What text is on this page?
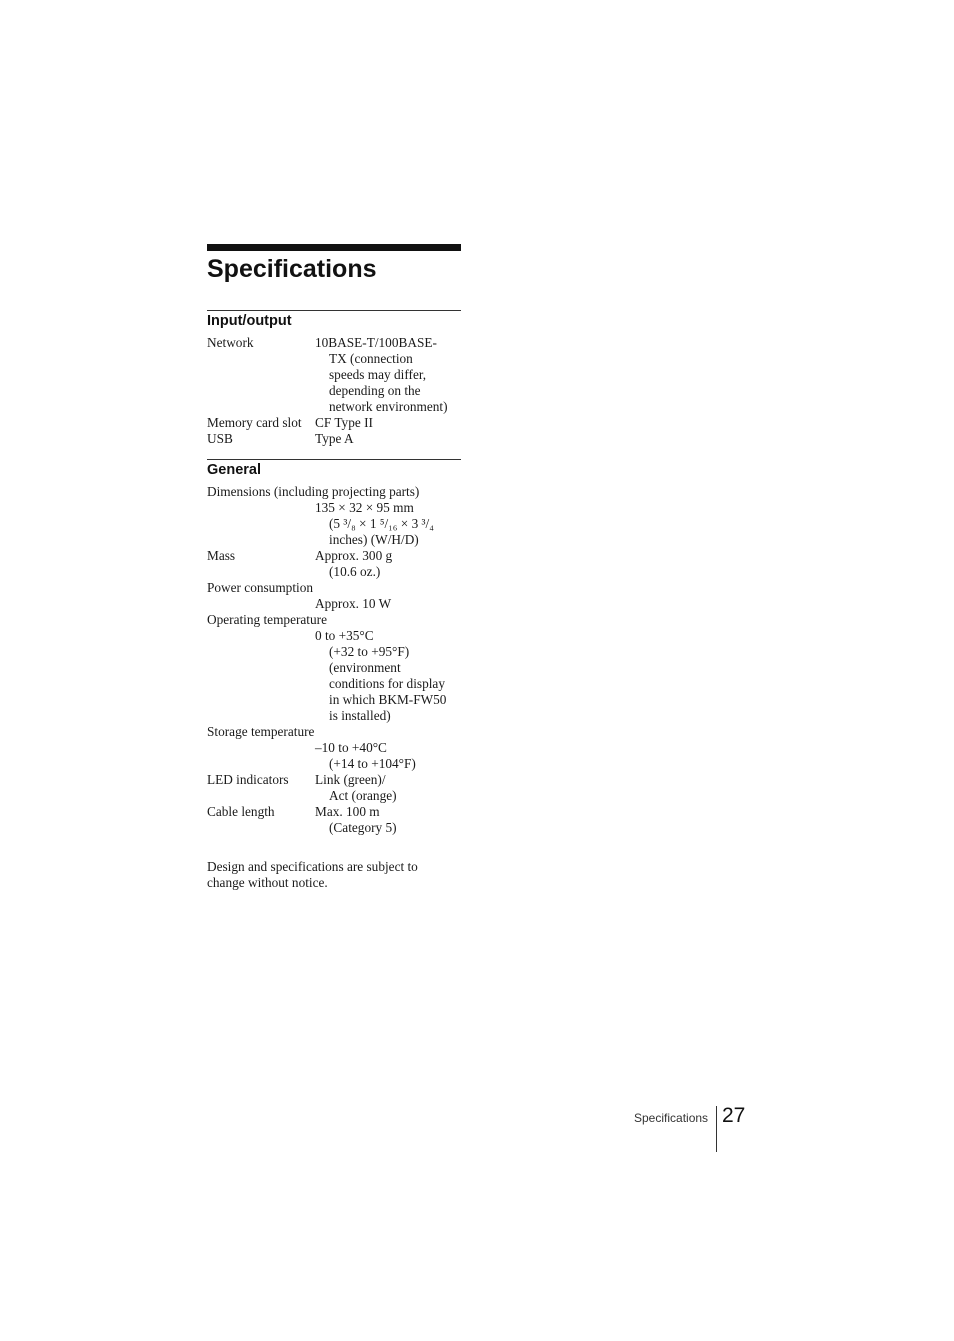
Specifications
Input/output
Network	10BASE-T/100BASE-
TX (connection
speeds may differ,
depending on the
network environment)
Memory card slot	CF Type II
USB	Type A
General
Dimensions (including projecting parts)
135 × 32 × 95 mm
(5 ³/₈ × 1 ⁵/₁₆ × 3 ³/₄
inches) (W/H/D)
Mass	Approx. 300 g
(10.6 oz.)
Power consumption
Approx. 10 W
Operating temperature
0 to +35°C
(+32 to +95°F)
(environment
conditions for display
in which BKM-FW50
is installed)
Storage temperature
–10 to +40°C
(+14 to +104°F)
LED indicators	Link (green)/
Act (orange)
Cable length	Max. 100 m
(Category 5)
Design and specifications are subject to
change without notice.
Specifications 27
